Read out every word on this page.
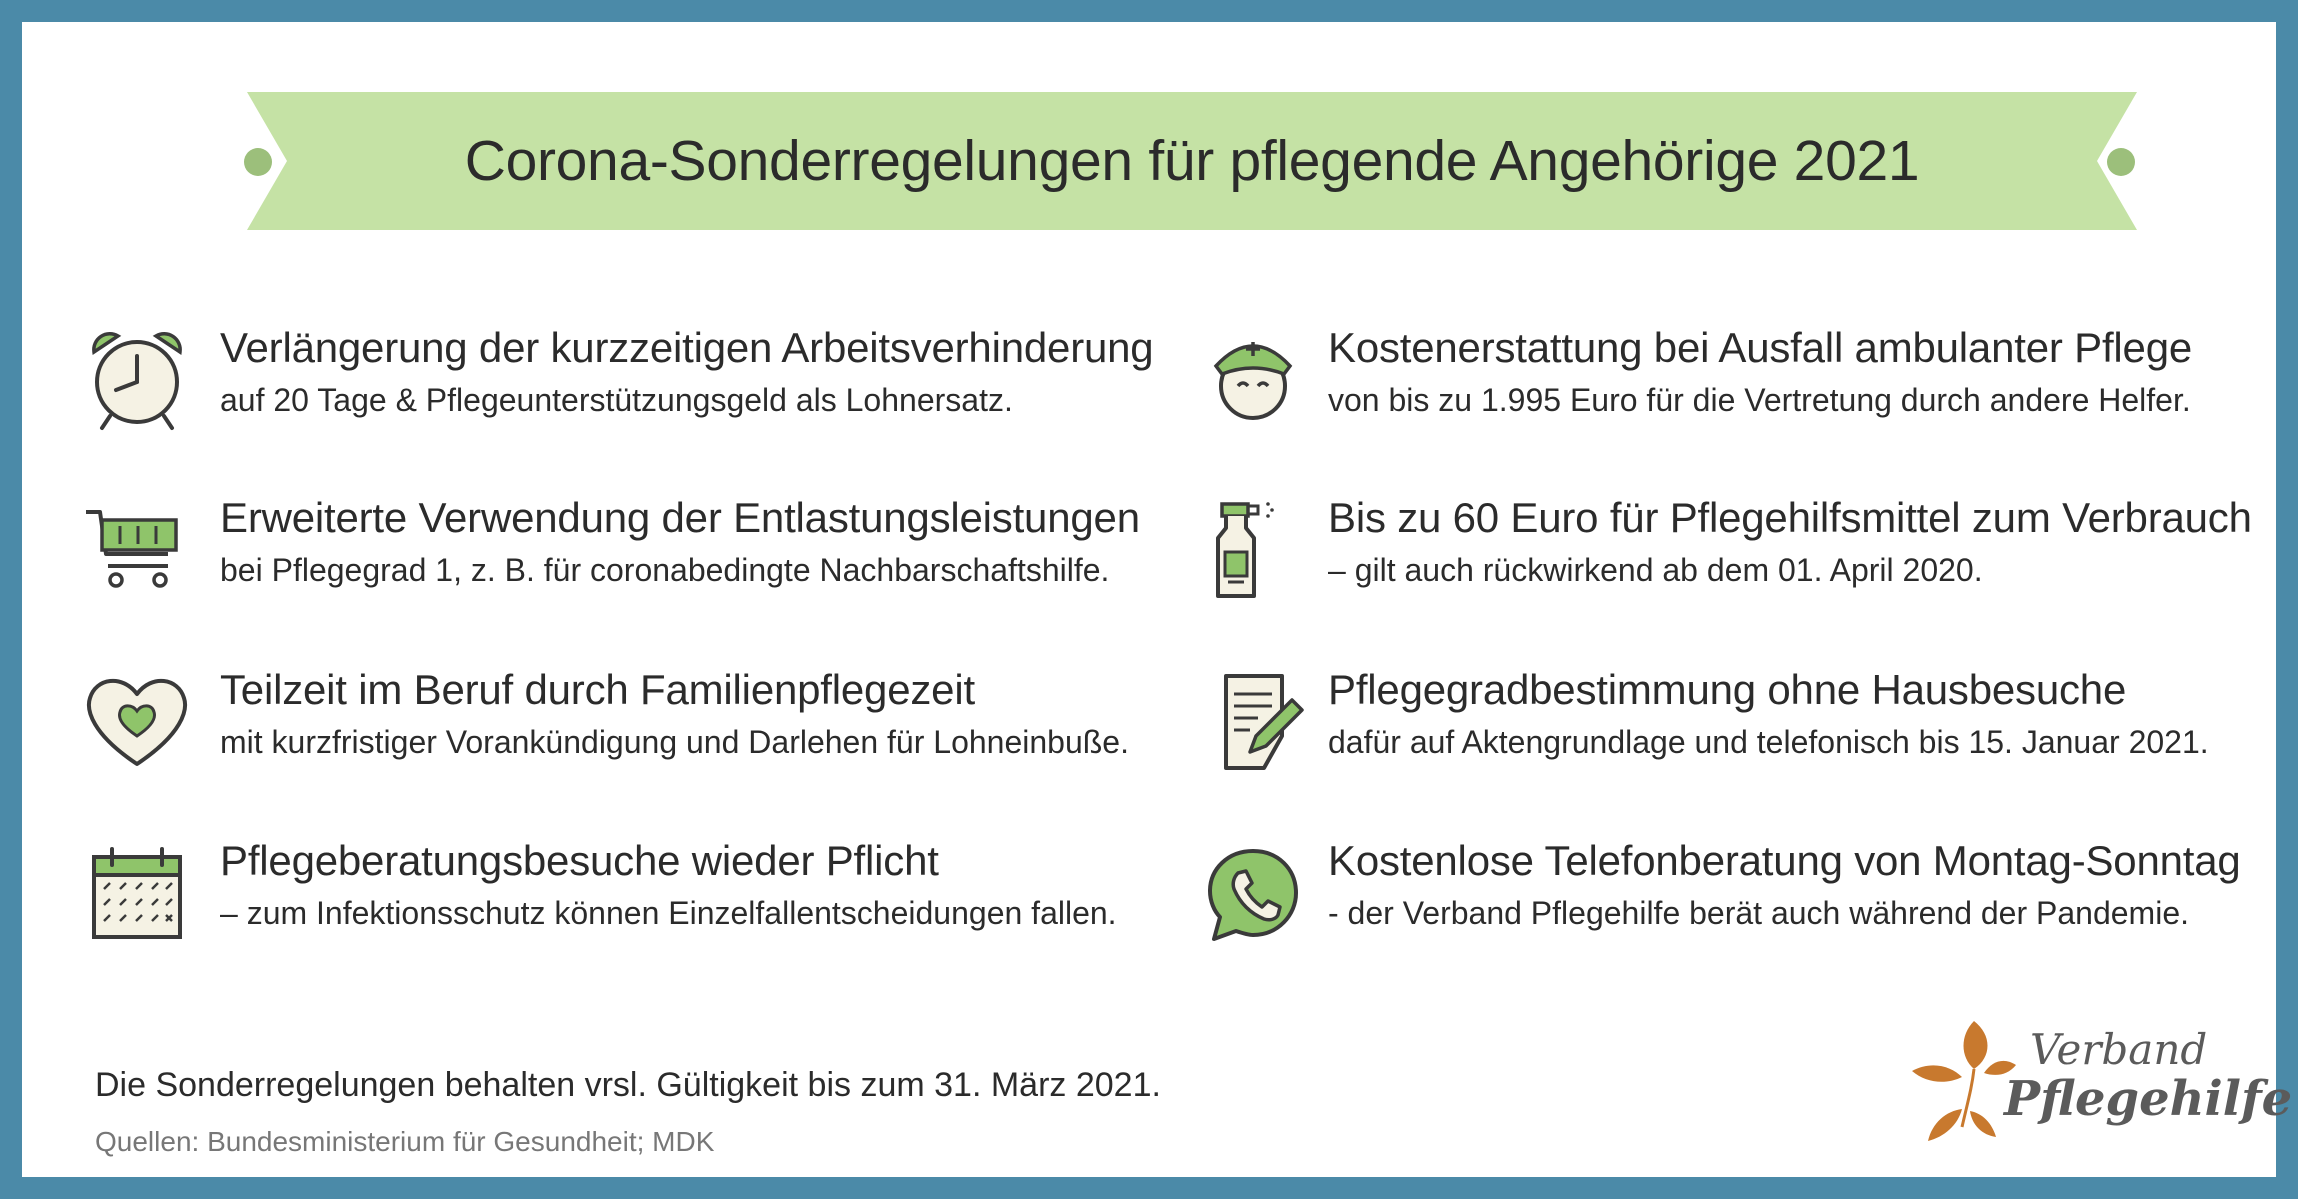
Corona-Sonderregelungen für pflegende Angehörige 2021
Verlängerung der kurzzeitigen Arbeitsverhinderung
auf 20 Tage & Pflegeunterstützungsgeld als Lohnersatz.
Kostenerstattung bei Ausfall ambulanter Pflege
von bis zu 1.995 Euro für die Vertretung durch andere Helfer.
Erweiterte Verwendung der Entlastungsleistungen
bei Pflegegrad 1, z. B. für coronabedingte Nachbarschaftshilfe.
Bis zu 60 Euro für Pflegehilfsmittel zum Verbrauch
– gilt auch rückwirkend ab dem 01. April 2020.
Teilzeit im Beruf durch Familienpflegezeit
mit kurzfristiger Vorankündigung und Darlehen für Lohneinbuße.
Pflegegradbestimmung ohne Hausbesuche
dafür auf Aktengrundlage und telefonisch bis 15. Januar 2021.
Pflegeberatungsbesuche wieder Pflicht
– zum Infektionsschutz können Einzelfallentscheidungen fallen.
Kostenlose Telefonberatung von Montag-Sonntag
- der Verband Pflegehilfe berät auch während der Pandemie.
Die Sonderregelungen behalten vrsl. Gültigkeit bis zum 31. März 2021.
Quellen: Bundesministerium für Gesundheit; MDK
Verband
Pflegehilfe
